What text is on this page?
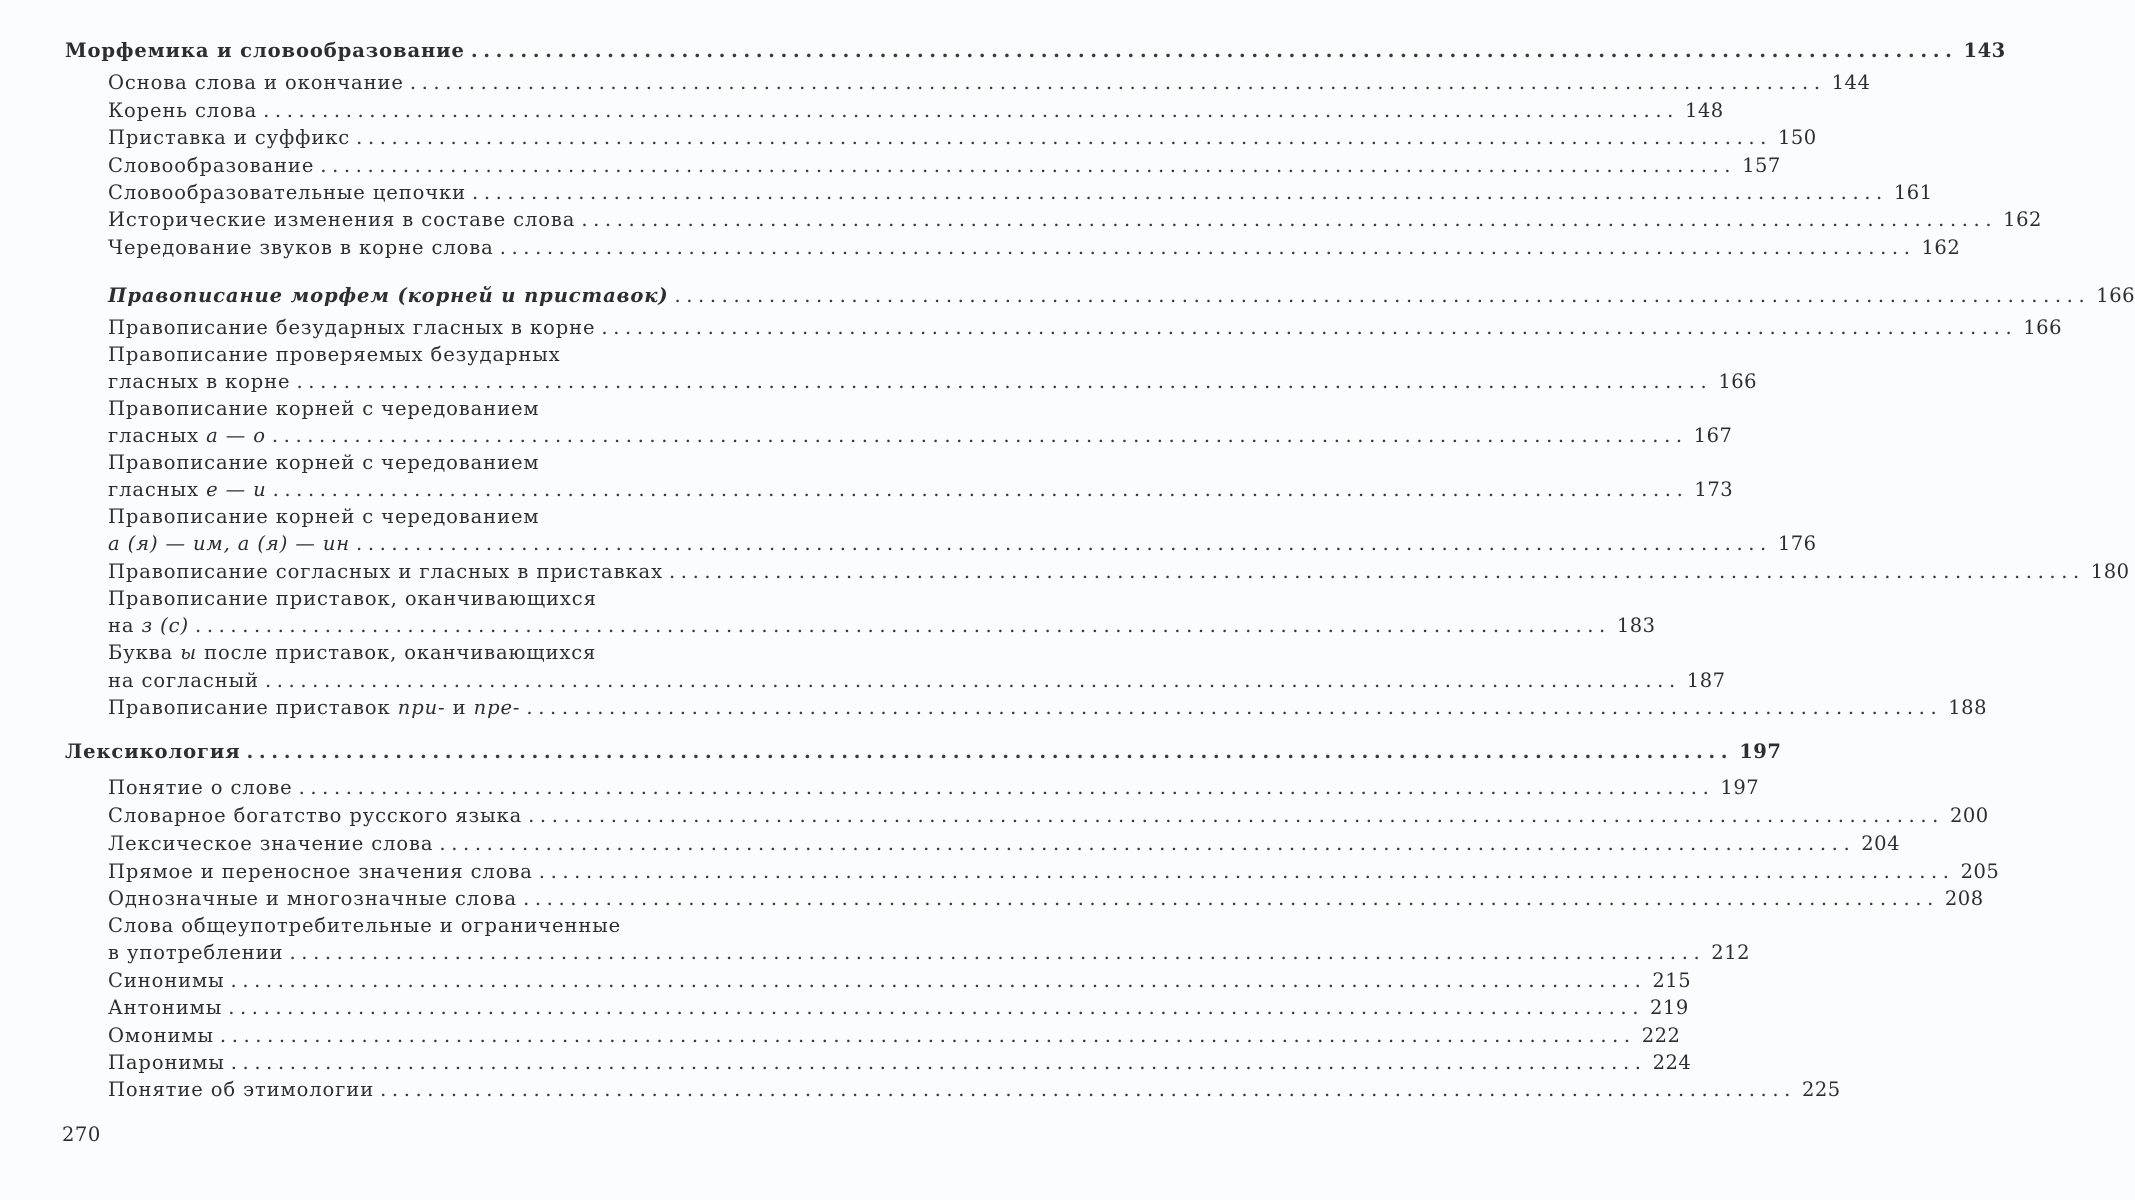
Морфемика и словообразование ........................................................................................................................ 143
Основа слова и окончание ........................................................................................................................ 144
Корень слова ........................................................................................................................ 148
Приставка и суффикс ........................................................................................................................ 150
Словообразование ........................................................................................................................ 157
Словообразовательные цепочки ........................................................................................................................ 161
Исторические изменения в составе слова ........................................................................................................................ 162
Чередование звуков в корне слова ........................................................................................................................ 162
Правописание морфем (корней и приставок) ........................................................................................................................ 166
Правописание безударных гласных в корне ........................................................................................................................ 166
Правописание проверяемых безударных
гласных в корне ........................................................................................................................ 166
Правописание корней с чередованием
гласных а — о ........................................................................................................................ 167
Правописание корней с чередованием
гласных е — и ........................................................................................................................ 173
Правописание корней с чередованием
а (я) — им, а (я) — ин ........................................................................................................................ 176
Правописание согласных и гласных в приставках ........................................................................................................................ 180
Правописание приставок, оканчивающихся
на з (с) ........................................................................................................................ 183
Буква ы после приставок, оканчивающихся
на согласный ........................................................................................................................ 187
Правописание приставок при- и пре- ........................................................................................................................ 188
Лексикология ........................................................................................................................ 197
Понятие о слове ........................................................................................................................ 197
Словарное богатство русского языка ........................................................................................................................ 200
Лексическое значение слова ........................................................................................................................ 204
Прямое и переносное значения слова ........................................................................................................................ 205
Однозначные и многозначные слова ........................................................................................................................ 208
Слова общеупотребительные и ограниченные
в употреблении ........................................................................................................................ 212
Синонимы ........................................................................................................................ 215
Антонимы ........................................................................................................................ 219
Омонимы ........................................................................................................................ 222
Паронимы ........................................................................................................................ 224
Понятие об этимологии ........................................................................................................................ 225
270
